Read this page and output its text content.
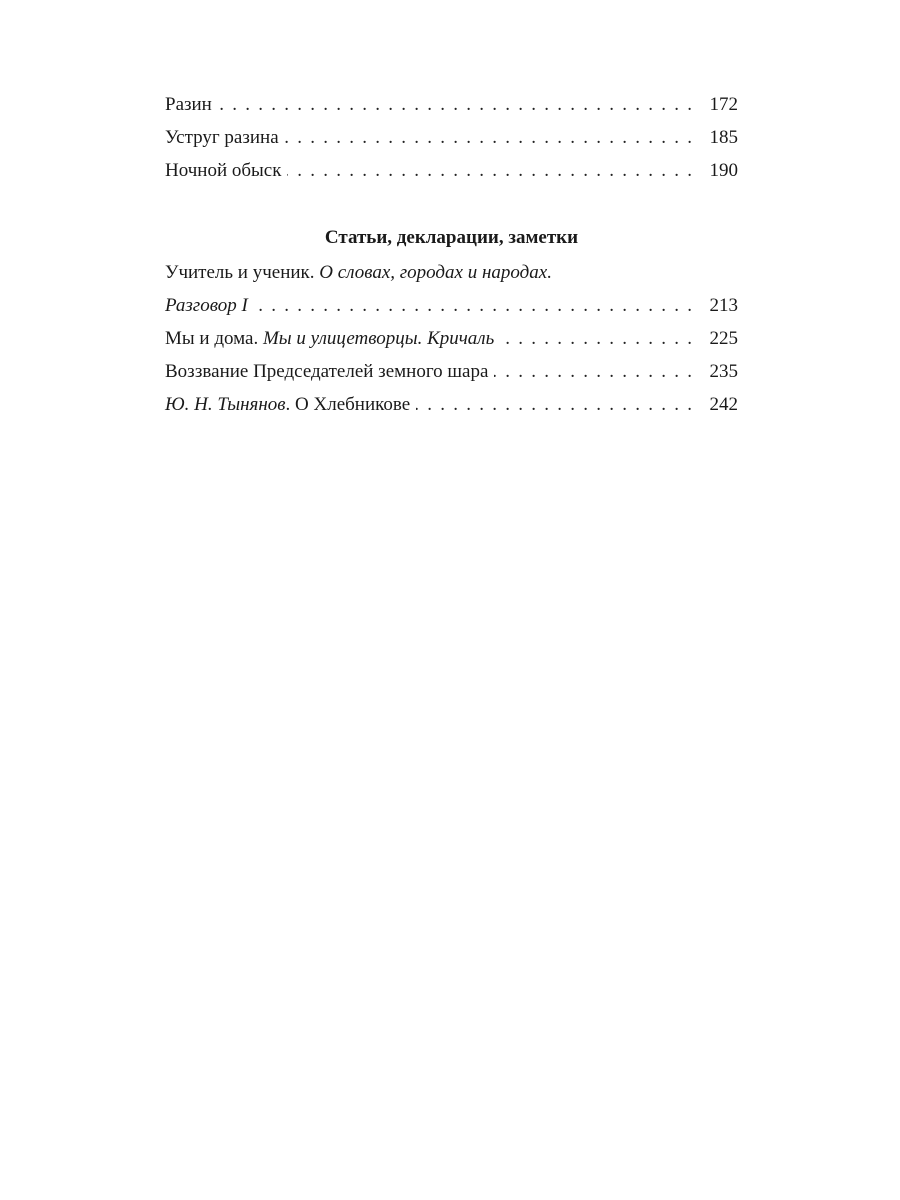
Разин . . .	172
Уструг разина . . .	185
Ночной обыск . . .	190
Статьи, декларации, заметки
Учитель и ученик. О словах, городах и народах.
Разговор I . . .	213
Мы и дома. Мы и улицетворцы. Кричаль . . .	225
Воззвание Председателей земного шара . . .	235
Ю. Н. Тынянов. О Хлебникове . . .	242
